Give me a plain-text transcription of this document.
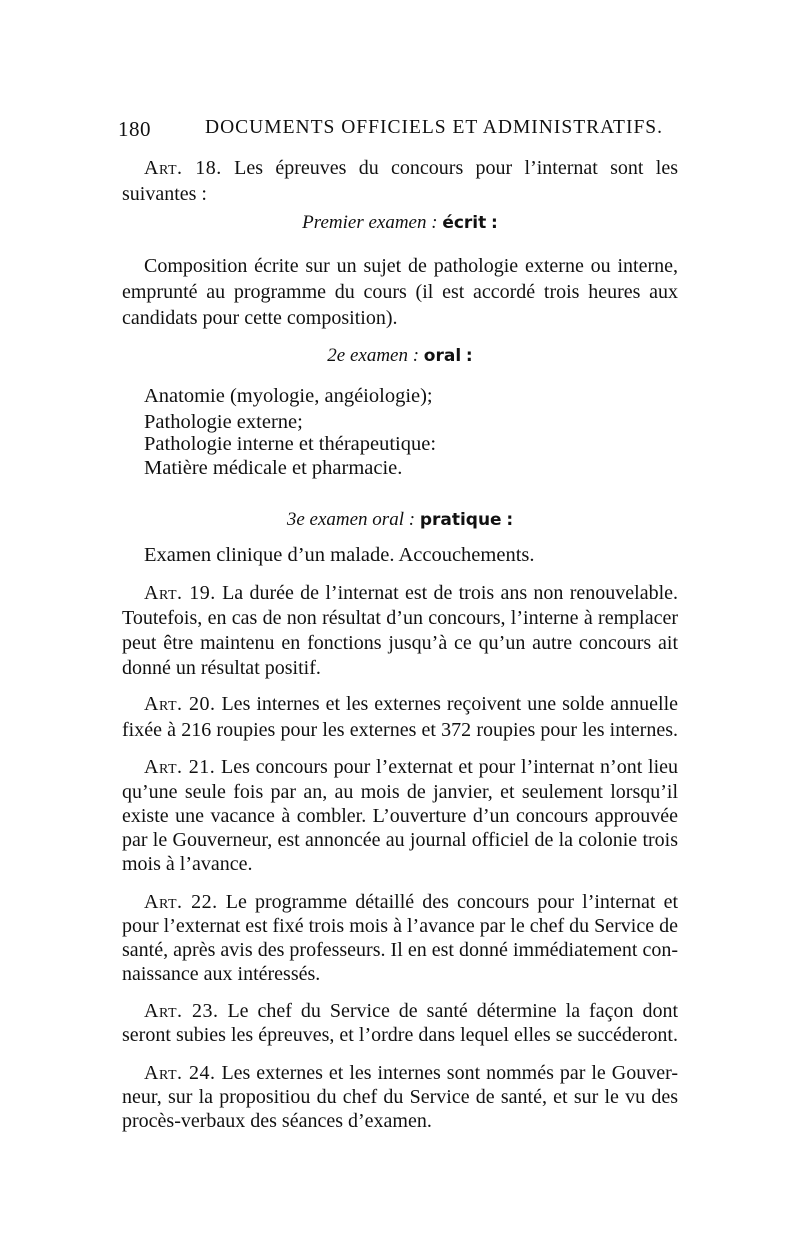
180	DOCUMENTS OFFICIELS ET ADMINISTRATIFS.
Art. 18. Les épreuves du concours pour l’internat sont les
suivantes :
Premier examen : écrit :
Composition écrite sur un sujet de pathologie externe ou interne,
emprunté au programme du cours (il est accordé trois heures aux
candidats pour cette composition).
2e examen : oral :
Anatomie (myologie, angéiologie);
Pathologie externe;
Pathologie interne et thérapeutique:
Matière médicale et pharmacie.
3e examen oral : pratique :
Examen clinique d’un malade. Accouchements.
Art. 19. La durée de l’internat est de trois ans non renouvelable.
Toutefois, en cas de non résultat d’un concours, l’interne à remplacer
peut être maintenu en fonctions jusqu’à ce qu’un autre concours ait
donné un résultat positif.
Art. 20. Les internes et les externes reçoivent une solde annuelle
fixée à 216 roupies pour les externes et 372 roupies pour les internes.
Art. 21. Les concours pour l’externat et pour l’internat n’ont lieu
qu’une seule fois par an, au mois de janvier, et seulement lorsqu’il
existe une vacance à combler. L’ouverture d’un concours approuvée
par le Gouverneur, est annoncée au journal officiel de la colonie trois
mois à l’avance.
Art. 22. Le programme détaillé des concours pour l’internat et
pour l’externat est fixé trois mois à l’avance par le chef du Service de
santé, après avis des professeurs. Il en est donné immédiatement con-
naissance aux intéressés.
Art. 23. Le chef du Service de santé détermine la façon dont
seront subies les épreuves, et l’ordre dans lequel elles se succéderont.
Art. 24. Les externes et les internes sont nommés par le Gouver-
neur, sur la propositiou du chef du Service de santé, et sur le vu des
procès-verbaux des séances d’examen.
